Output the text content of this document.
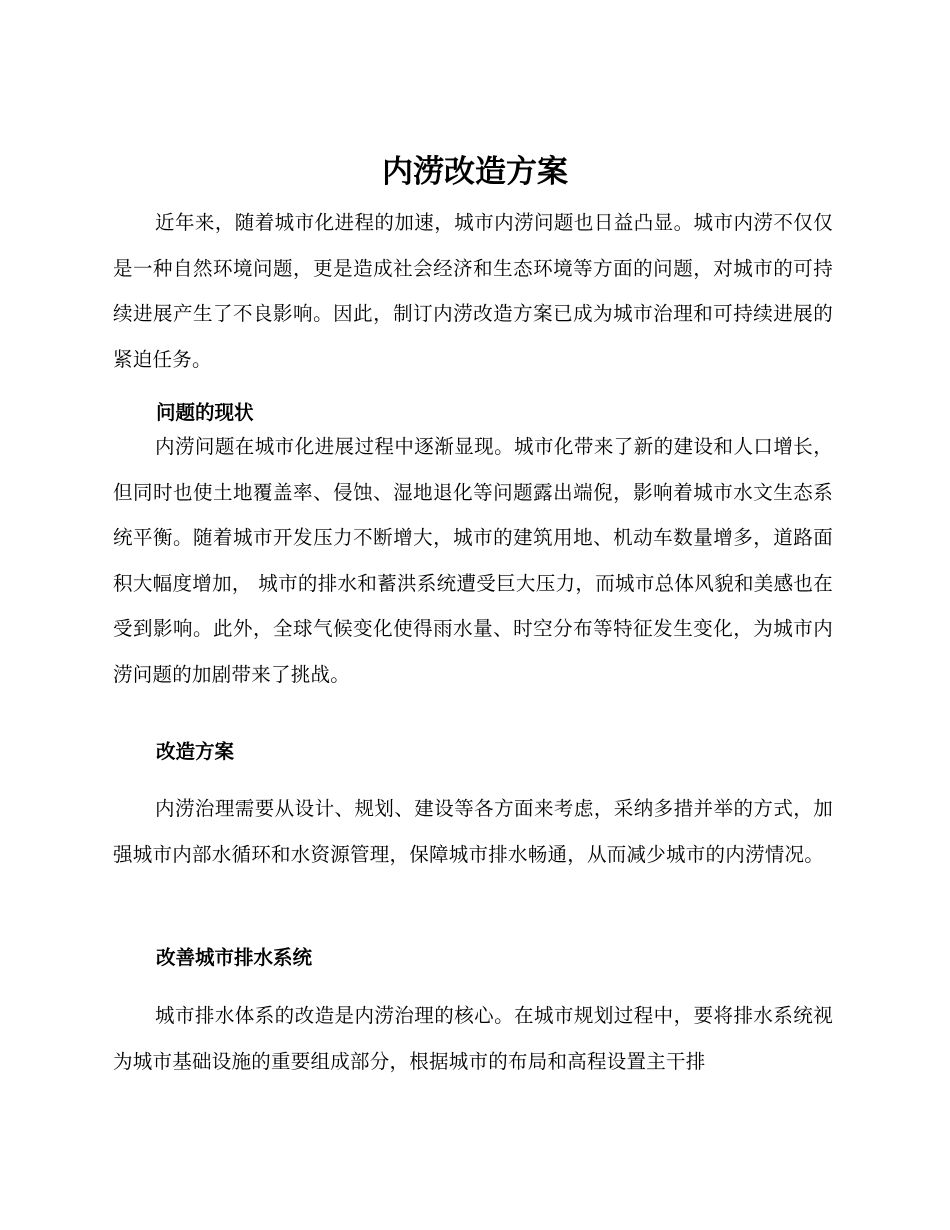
内涝改造方案

近年来，随着城市化进程的加速，城市内涝问题也日益凸显。城市内涝不仅仅是一种自然环境问题，更是造成社会经济和生态环境等方面的问题，对城市的可持续进展产生了不良影响。因此，制订内涝改造方案已成为城市治理和可持续进展的紧迫任务。

问题的现状

内涝问题在城市化进展过程中逐渐显现。城市化带来了新的建设和人口增长，但同时也使土地覆盖率、侵蚀、湿地退化等问题露出端倪，影响着城市水文生态系统平衡。随着城市开发压力不断增大，城市的建筑用地、机动车数量增多，道路面积大幅度增加， 城市的排水和蓄洪系统遭受巨大压力，而城市总体风貌和美感也在受到影响。此外，全球气候变化使得雨水量、时空分布等特征发生变化，为城市内涝问题的加剧带来了挑战。

改造方案

内涝治理需要从设计、规划、建设等各方面来考虑，采纳多措并举的方式，加强城市内部水循环和水资源管理，保障城市排水畅通，从而减少城市的内涝情况。

改善城市排水系统

城市排水体系的改造是内涝治理的核心。在城市规划过程中，要将排水系统视为城市基础设施的重要组成部分，根据城市的布局和高程设置主干排
